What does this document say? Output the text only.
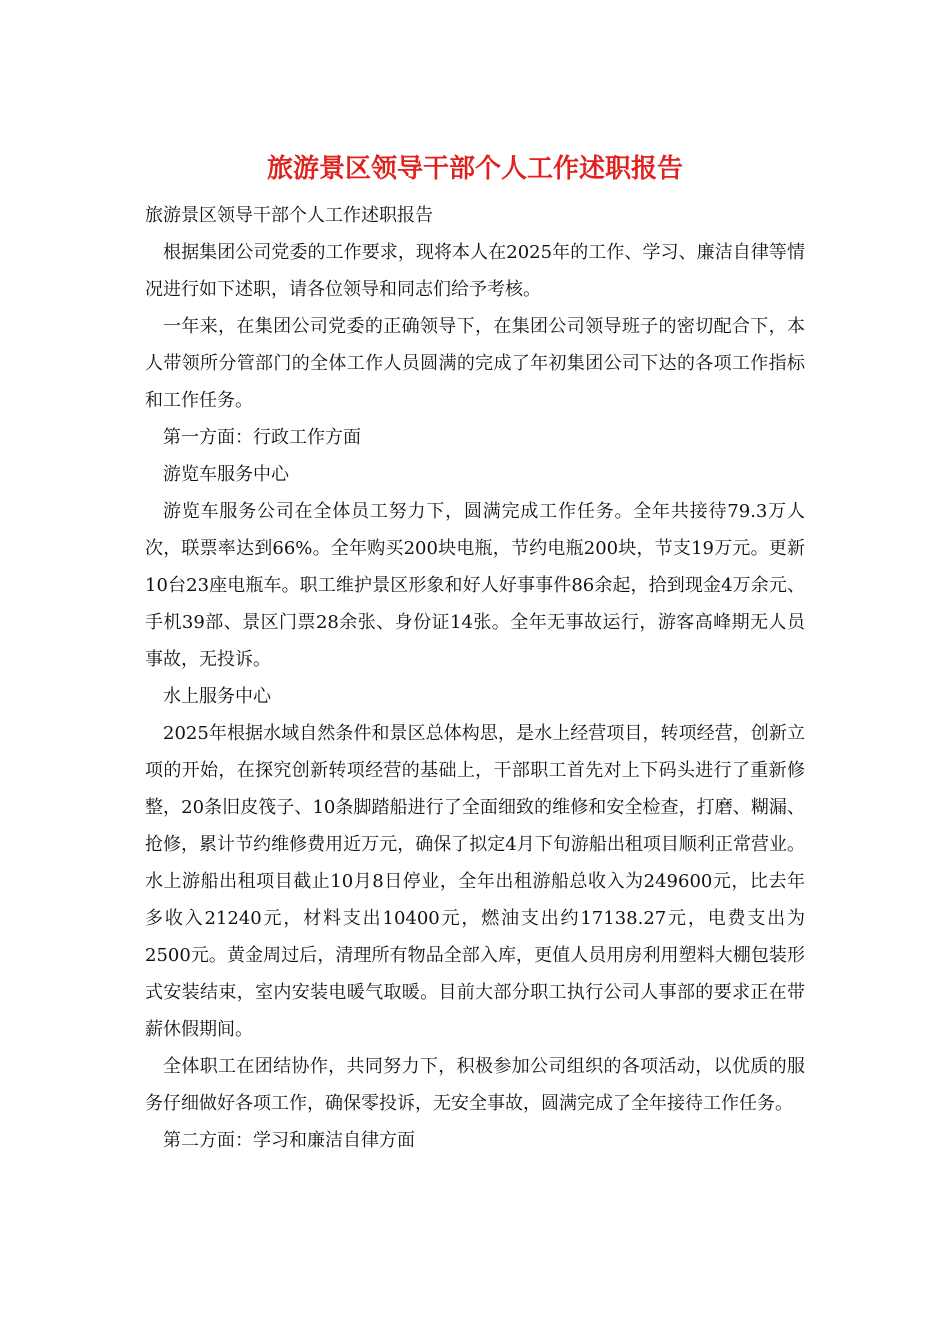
旅游景区领导干部个人工作述职报告

旅游景区领导干部个人工作述职报告

根据集团公司党委的工作要求，现将本人在2025年的工作、学习、廉洁自律等情况进行如下述职，请各位领导和同志们给予考核。

一年来，在集团公司党委的正确领导下，在集团公司领导班子的密切配合下，本人带领所分管部门的全体工作人员圆满的完成了年初集团公司下达的各项工作指标和工作任务。

第一方面：行政工作方面

游览车服务中心

游览车服务公司在全体员工努力下，圆满完成工作任务。全年共接待79.3万人次，联票率达到66%。全年购买200块电瓶，节约电瓶200块，节支19万元。更新10台23座电瓶车。职工维护景区形象和好人好事事件86余起，拾到现金4万余元、手机39部、景区门票28余张、身份证14张。全年无事故运行，游客高峰期无人员事故，无投诉。

水上服务中心

2025年根据水域自然条件和景区总体构思，是水上经营项目，转项经营，创新立项的开始，在探究创新转项经营的基础上，干部职工首先对上下码头进行了重新修整，20条旧皮筏子、10条脚踏船进行了全面细致的维修和安全检查，打磨、糊漏、抢修，累计节约维修费用近万元，确保了拟定4月下旬游船出租项目顺利正常营业。水上游船出租项目截止10月8日停业，全年出租游船总收入为249600元，比去年多收入21240元，材料支出10400元，燃油支出约17138.27元，电费支出为2500元。黄金周过后，清理所有物品全部入库，更值人员用房利用塑料大棚包装形式安装结束，室内安装电暖气取暖。目前大部分职工执行公司人事部的要求正在带薪休假期间。

全体职工在团结协作，共同努力下，积极参加公司组织的各项活动，以优质的服务仔细做好各项工作，确保零投诉，无安全事故，圆满完成了全年接待工作任务。

第二方面：学习和廉洁自律方面
